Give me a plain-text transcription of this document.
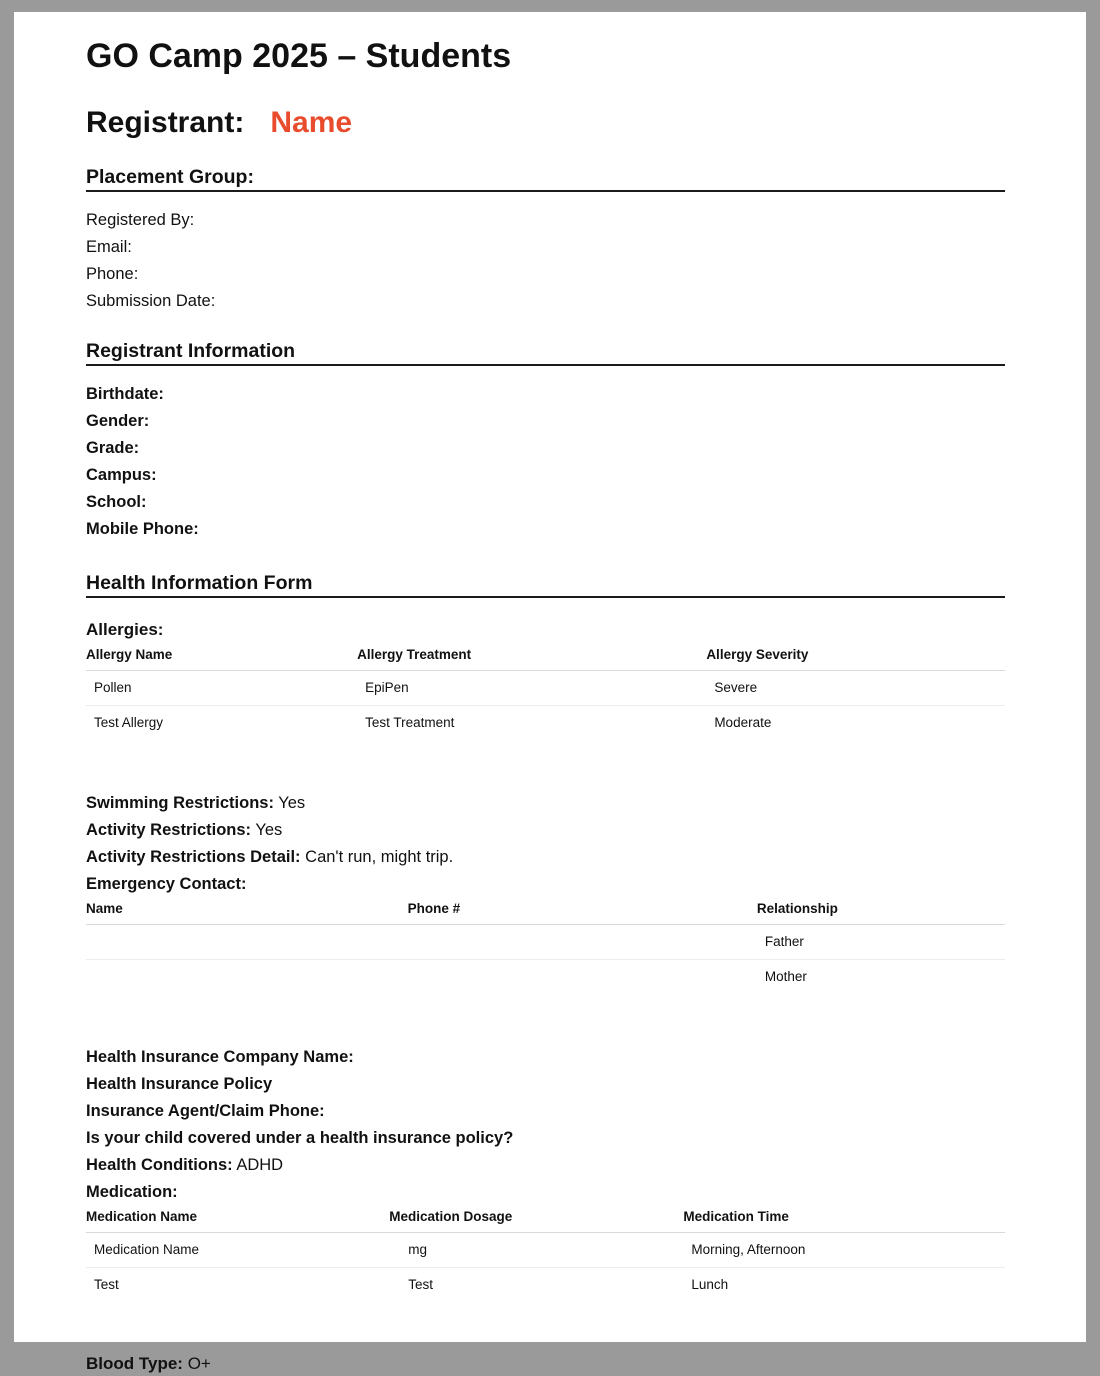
GO Camp 2025 – Students
Registrant: Name
Placement Group:
Registered By:
Email:
Phone:
Submission Date:
Registrant Information
Birthdate:
Gender:
Grade:
Campus:
School:
Mobile Phone:
Health Information Form
Allergies:
Allergy Name	Allergy Treatment	Allergy Severity
Pollen	EpiPen	Severe
Test Allergy	Test Treatment	Moderate
Swimming Restrictions: Yes
Activity Restrictions: Yes
Activity Restrictions Detail: Can't run, might trip.
Emergency Contact:
Name	Phone #	Relationship
		Father
		Mother
Health Insurance Company Name:
Health Insurance Policy
Insurance Agent/Claim Phone:
Is your child covered under a health insurance policy?
Health Conditions: ADHD
Medication:
Medication Name	Medication Dosage	Medication Time
Medication Name	mg	Morning, Afternoon
Test	Test	Lunch
Blood Type: O+
